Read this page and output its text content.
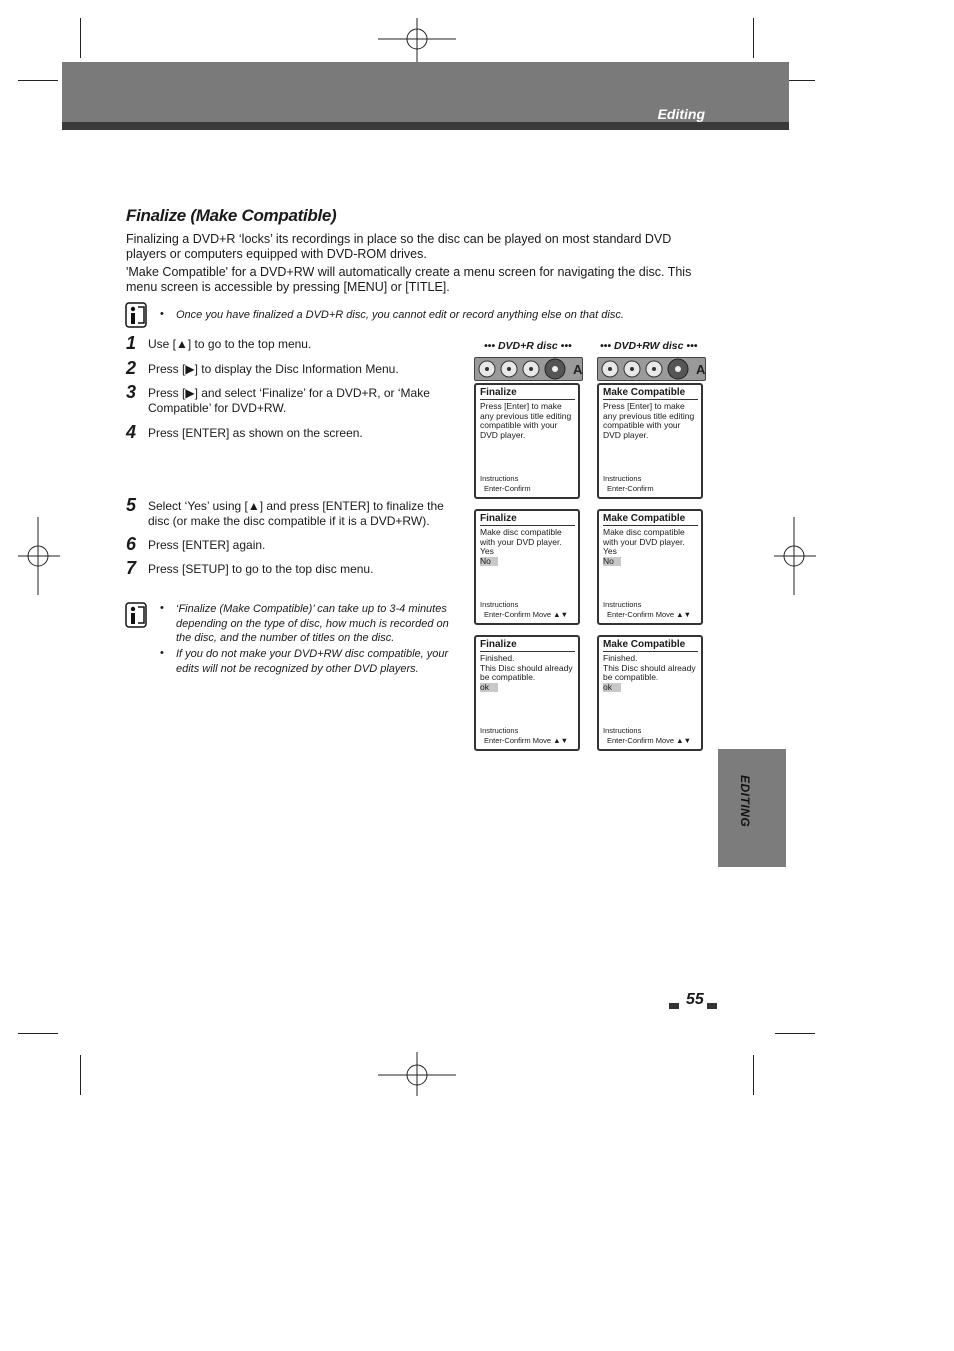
Editing
EDITING
Finalize (Make Compatible)
Finalizing a DVD+R ‘locks’ its recordings in place so the disc can be played on most standard DVD players or computers equipped with DVD-ROM drives.
'Make Compatible' for a DVD+RW will automatically create a menu screen for navigating the disc. This menu screen is accessible by pressing [MENU] or [TITLE].
• Once you have finalized a DVD+R disc, you cannot edit or record anything else on that disc.
1 Use [▲] to go to the top menu.
2 Press [▶] to display the Disc Information Menu.
3 Press [▶] and select ‘Finalize’ for a DVD+R, or ‘Make Compatible’ for DVD+RW.
4 Press [ENTER] as shown on the screen.
5 Select ‘Yes’ using [▲] and press [ENTER] to finalize the disc (or make the disc compatible if it is a DVD+RW).
6 Press [ENTER] again.
7 Press [SETUP] to go to the top disc menu.
• ‘Finalize (Make Compatible)’ can take up to 3-4 minutes depending on the type of disc, how much is recorded on the disc, and the number of titles on the disc.
• If you do not make your DVD+RW disc compatible, your edits will not be recognized by other DVD players.
••• DVD+R disc •••	••• DVD+RW disc •••
A	A
Finalize
Press [Enter] to make any previous title editing compatible with your DVD player.
Instructions
Enter-Confirm
Finalize
Make disc compatible with your DVD player.
Yes
No
Instructions
Enter-Confirm Move ▲▼
Finalize
Finished.
This Disc should already be compatible.
ok
Instructions
Enter-Confirm Move ▲▼
Make Compatible
Press [Enter] to make any previous title editing compatible with your DVD player.
Instructions
Enter-Confirm
Make Compatible
Make disc compatible with your DVD player.
Yes
No
Instructions
Enter-Confirm Move ▲▼
Make Compatible
Finished.
This Disc should already be compatible.
ok
Instructions
Enter-Confirm Move ▲▼
55
